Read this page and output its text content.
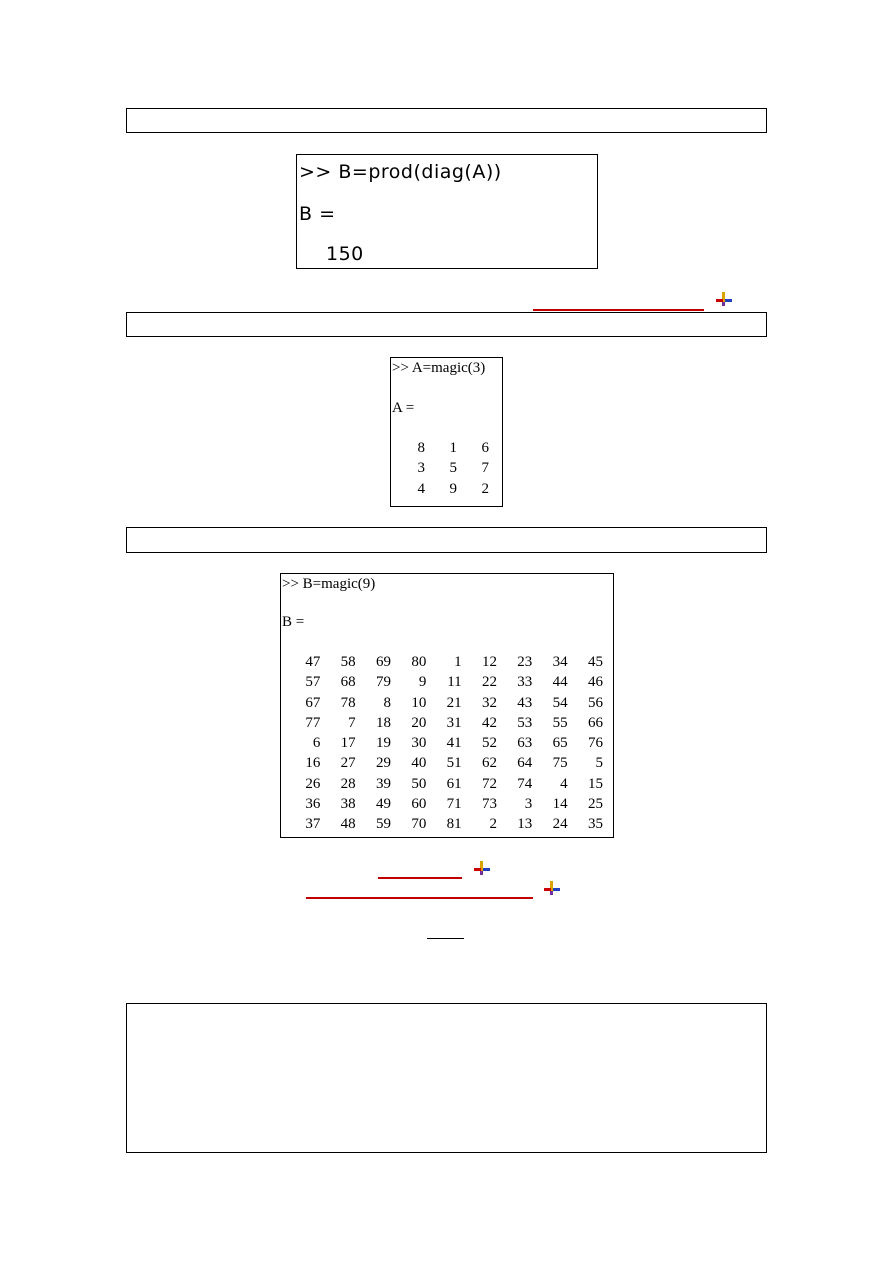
>> B=prod(diag(A))
B =
150
>> A=magic(3)
A =
8	1	6
3	5	7
4	9	2
>> B=magic(9)
B =
47	58	69	80	1	12	23	34	45
57	68	79	9	11	22	33	44	46
67	78	8	10	21	32	43	54	56
77	7	18	20	31	42	53	55	66
6	17	19	30	41	52	63	65	76
16	27	29	40	51	62	64	75	5
26	28	39	50	61	72	74	4	15
36	38	49	60	71	73	3	14	25
37	48	59	70	81	2	13	24	35
